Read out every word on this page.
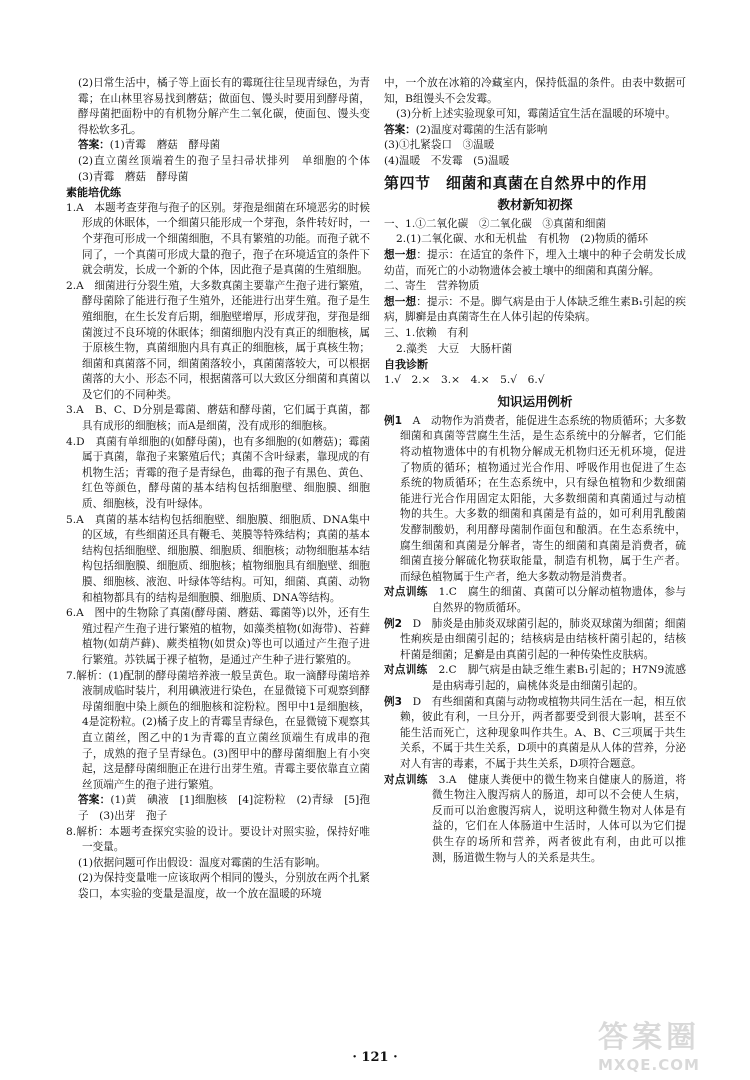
(2)日常生活中，橘子等上面长有的霉斑往往呈现青绿色，为青霉；在山林里容易找到蘑菇；做面包、馒头时要用到酵母菌，酵母菌把面粉中的有机物分解产生二氧化碳，使面包、馒头变得松软多孔。
答案：(1)青霉　蘑菇　酵母菌
(2)直立菌丝顶端着生的孢子呈扫帚状排列　单细胞的个体　(3)青霉　蘑菇　酵母菌
素能培优练
1.A　本题考查芽孢与孢子的区别。芽孢是细菌在环境恶劣的时候形成的休眠体，一个细菌只能形成一个芽孢，条件转好时，一个芽孢可形成一个细菌细胞，不具有繁殖的功能。而孢子就不同了，一个真菌可形成大量的孢子，孢子在环境适宜的条件下就会萌发，长成一个新的个体，因此孢子是真菌的生殖细胞。
2.A　细菌进行分裂生殖，大多数真菌主要靠产生孢子进行繁殖，酵母菌除了能进行孢子生殖外，还能进行出芽生殖。孢子是生殖细胞，在生长发育后期，细胞壁增厚，形成芽孢，芽孢是细菌渡过不良环境的休眠体；细菌细胞内没有真正的细胞核，属于原核生物，真菌细胞内具有真正的细胞核，属于真核生物；细菌和真菌落不同，细菌菌落较小，真菌菌落较大，可以根据菌落的大小、形态不同，根据菌落可以大致区分细菌和真菌以及它们的不同种类。
3.A　B、C、D分别是霉菌、蘑菇和酵母菌，它们属于真菌，都具有成形的细胞核；而A是细菌，没有成形的细胞核。
4.D　真菌有单细胞的(如酵母菌)，也有多细胞的(如蘑菇)；霉菌属于真菌，靠孢子来繁殖后代；真菌不含叶绿素，靠现成的有机物生活；青霉的孢子是青绿色，曲霉的孢子有黑色、黄色、红色等颜色，酵母菌的基本结构包括细胞壁、细胞膜、细胞质、细胞核，没有叶绿体。
5.A　真菌的基本结构包括细胞壁、细胞膜、细胞质、DNA集中的区域，有些细菌还具有鞭毛、荚膜等特殊结构；真菌的基本结构包括细胞壁、细胞膜、细胞质、细胞核；动物细胞基本结构包括细胞膜、细胞质、细胞核；植物细胞具有细胞壁、细胞膜、细胞核、液泡、叶绿体等结构。可知，细菌、真菌、动物和植物都具有的结构是细胞膜、细胞质、DNA等结构。
6.A　图中的生物除了真菌(酵母菌、蘑菇、霉菌等)以外，还有生殖过程产生孢子进行繁殖的植物，如藻类植物(如海带)、苔藓植物(如葫芦藓)、蕨类植物(如贯众)等也可以通过产生孢子进行繁殖。苏铁属于裸子植物，是通过产生种子进行繁殖的。
7.解析：(1)配制的酵母菌培养液一般呈黄色。取一滴酵母菌培养液制成临时装片，利用碘液进行染色，在显微镜下可观察到酵母菌细胞中染上颜色的细胞核和淀粉粒。图甲中1是细胞核，4是淀粉粒。(2)橘子皮上的青霉呈青绿色，在显微镜下观察其直立菌丝，图乙中的1为青霉的直立菌丝顶端生有成串的孢子，成熟的孢子呈青绿色。(3)图甲中的酵母菌细胞上有小突起，这是酵母菌细胞正在进行出芽生殖。青霉主要依靠直立菌丝顶端产生的孢子进行繁殖。
答案：(1)黄　碘液　[1]细胞核　[4]淀粉粒　(2)青绿　[5]孢子　(3)出芽　孢子
8.解析：本题考查探究实验的设计。要设计对照实验，保持好唯一变量。
(1)依据问题可作出假设：温度对霉菌的生活有影响。
(2)为保持变量唯一应该取两个相同的馒头，分别放在两个扎紧袋口，本实验的变量是温度，故一个放在温暖的环境
中，一个放在冰箱的冷藏室内，保持低温的条件。由表中数据可知，B组馒头不会发霉。
(3)分析上述实验现象可知，霉菌适宜生活在温暖的环境中。
答案：(2)温度对霉菌的生活有影响
(3)①扎紧袋口　③温暖
(4)温暖　不发霉　(5)温暖
第四节　细菌和真菌在自然界中的作用
教材新知初探
一、1.①二氧化碳　②二氧化碳　③真菌和细菌
2.(1)二氧化碳、水和无机盐　有机物　(2)物质的循环
想一想：提示：在适宜的条件下，埋入土壤中的种子会萌发长成幼苗，而死亡的小动物遗体会被土壤中的细菌和真菌分解。
二、寄生　营养物质
想一想：提示：不是。脚气病是由于人体缺乏维生素B₁引起的疾病，脚癣是由真菌寄生在人体引起的传染病。
三、1.依赖　有利
2.藻类　大豆　大肠杆菌
自我诊断
1.√　2.×　3.×　4.×　5.√　6.√
知识运用例析
例1　 A　动物作为消费者，能促进生态系统的物质循环；大多数细菌和真菌等营腐生生活，是生态系统中的分解者，它们能将动植物遗体中的有机物分解成无机物归还无机环境，促进了物质的循环；植物通过光合作用、呼吸作用也促进了生态系统的物质循环；在生态系统中，只有绿色植物和少数细菌能进行光合作用固定太阳能，大多数细菌和真菌通过与动植物的共生。大多数的细菌和真菌是有益的，如可利用乳酸菌发酵制酸奶，利用酵母菌制作面包和酿酒。在生态系统中，腐生细菌和真菌是分解者，寄生的细菌和真菌是消费者，硫细菌直接分解硫化物获取能量，制造有机物，属于生产者。而绿色植物属于生产者，绝大多数动物是消费者。
对点训练　 1.C　腐生的细菌、真菌可以分解动植物遗体，参与自然界的物质循环。
例2　 D　肺炎是由肺炎双球菌引起的，肺炎双球菌为细菌；细菌性痢疾是由细菌引起的；结核病是由结核杆菌引起的，结核杆菌是细菌；足癣是由真菌引起的一种传染性皮肤病。
对点训练　 2.C　脚气病是由缺乏维生素B₁引起的；H7N9流感是由病毒引起的，扁桃体炎是由细菌引起的。
例3　 D　有些细菌和真菌与动物或植物共同生活在一起，相互依赖，彼此有利，一旦分开，两者都要受到很大影响，甚至不能生活而死亡，这种现象叫作共生。A、B、C三项属于共生关系，不属于共生关系，D项中的真菌是从人体的营养，分泌对人有害的毒素，不属于共生关系，D项符合题意。
对点训练　 3.A　健康人粪便中的微生物来自健康人的肠道，将微生物注入腹泻病人的肠道，却可以不会使人生病，反而可以治愈腹泻病人，说明这种微生物对人体是有益的，它们在人体肠道中生活时，人体可以为它们提供生存的场所和营养，两者彼此有利，由此可以推测，肠道微生物与人的关系是共生。
· 121 ·
答案圈
MXQE.COM
